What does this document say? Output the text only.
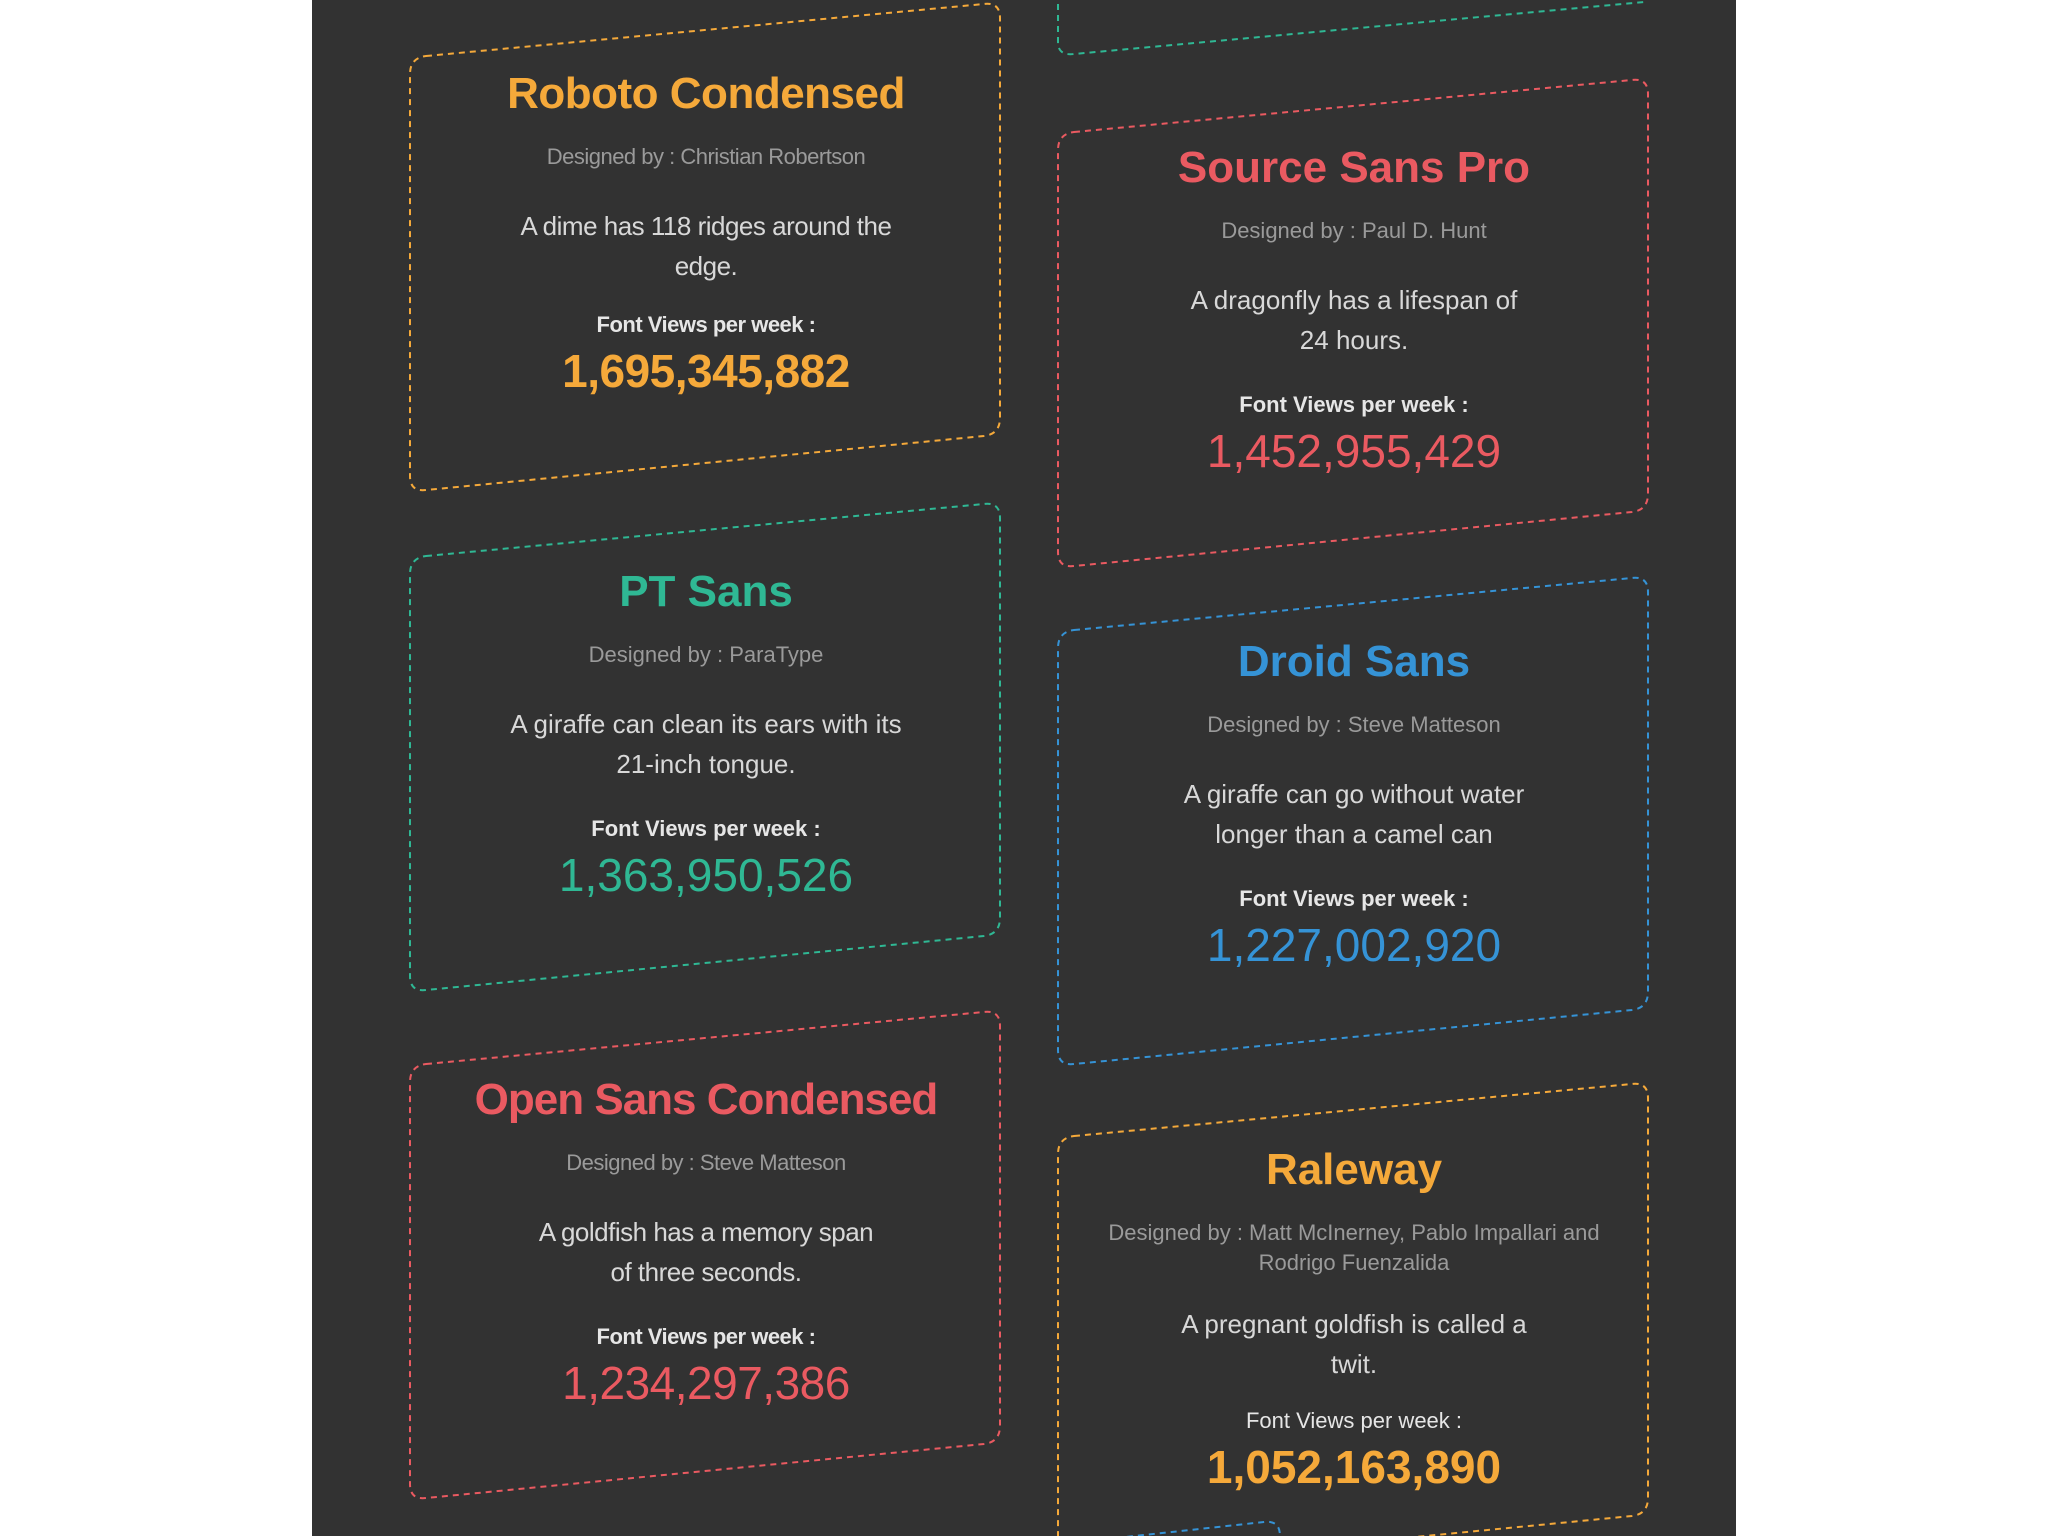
Roboto Condensed
Designed by : Christian Robertson
A dime has 118 ridges around the edge.
Font Views per week :
1,695,345,882
Source Sans Pro
Designed by : Paul D. Hunt
A dragonfly has a lifespan of 24 hours.
Font Views per week :
1,452,955,429
PT Sans
Designed by : ParaType
A giraffe can clean its ears with its 21-inch tongue.
Font Views per week :
1,363,950,526
Droid Sans
Designed by : Steve Matteson
A giraffe can go without water longer than a camel can
Font Views per week :
1,227,002,920
Open Sans Condensed
Designed by : Steve Matteson
A goldfish has a memory span of three seconds.
Font Views per week :
1,234,297,386
Raleway
Designed by : Matt McInerney, Pablo Impallari and Rodrigo Fuenzalida
A pregnant goldfish is called a twit.
Font Views per week :
1,052,163,890
